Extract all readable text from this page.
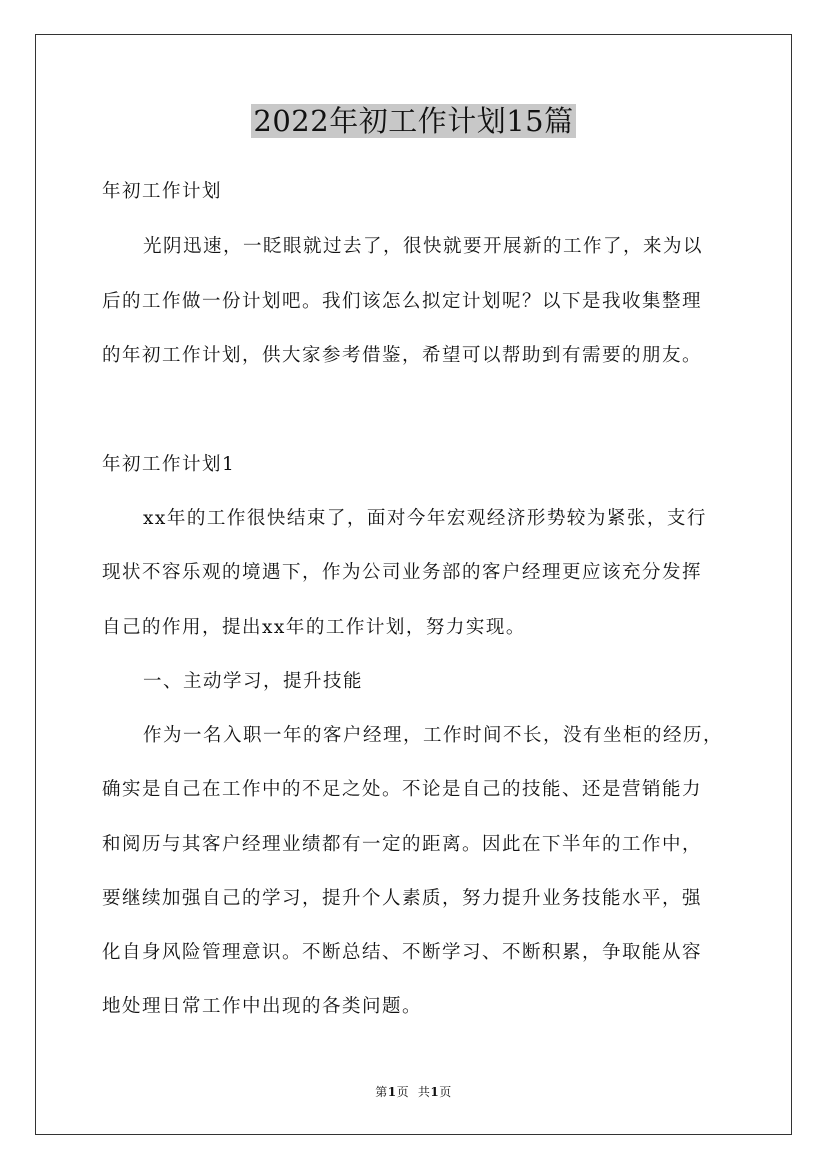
2022年初工作计划15篇
年初工作计划
光阴迅速，一眨眼就过去了，很快就要开展新的工作了，来为以
后的工作做一份计划吧。我们该怎么拟定计划呢？以下是我收集整理
的年初工作计划，供大家参考借鉴，希望可以帮助到有需要的朋友。
年初工作计划1
xx年的工作很快结束了，面对今年宏观经济形势较为紧张，支行
现状不容乐观的境遇下，作为公司业务部的客户经理更应该充分发挥
自己的作用，提出xx年的工作计划，努力实现。
一、主动学习，提升技能
作为一名入职一年的客户经理，工作时间不长，没有坐柜的经历，
确实是自己在工作中的不足之处。不论是自己的技能、还是营销能力
和阅历与其客户经理业绩都有一定的距离。因此在下半年的工作中，
要继续加强自己的学习，提升个人素质，努力提升业务技能水平，强
化自身风险管理意识。不断总结、不断学习、不断积累，争取能从容
地处理日常工作中出现的各类问题。
第1页 共1页
